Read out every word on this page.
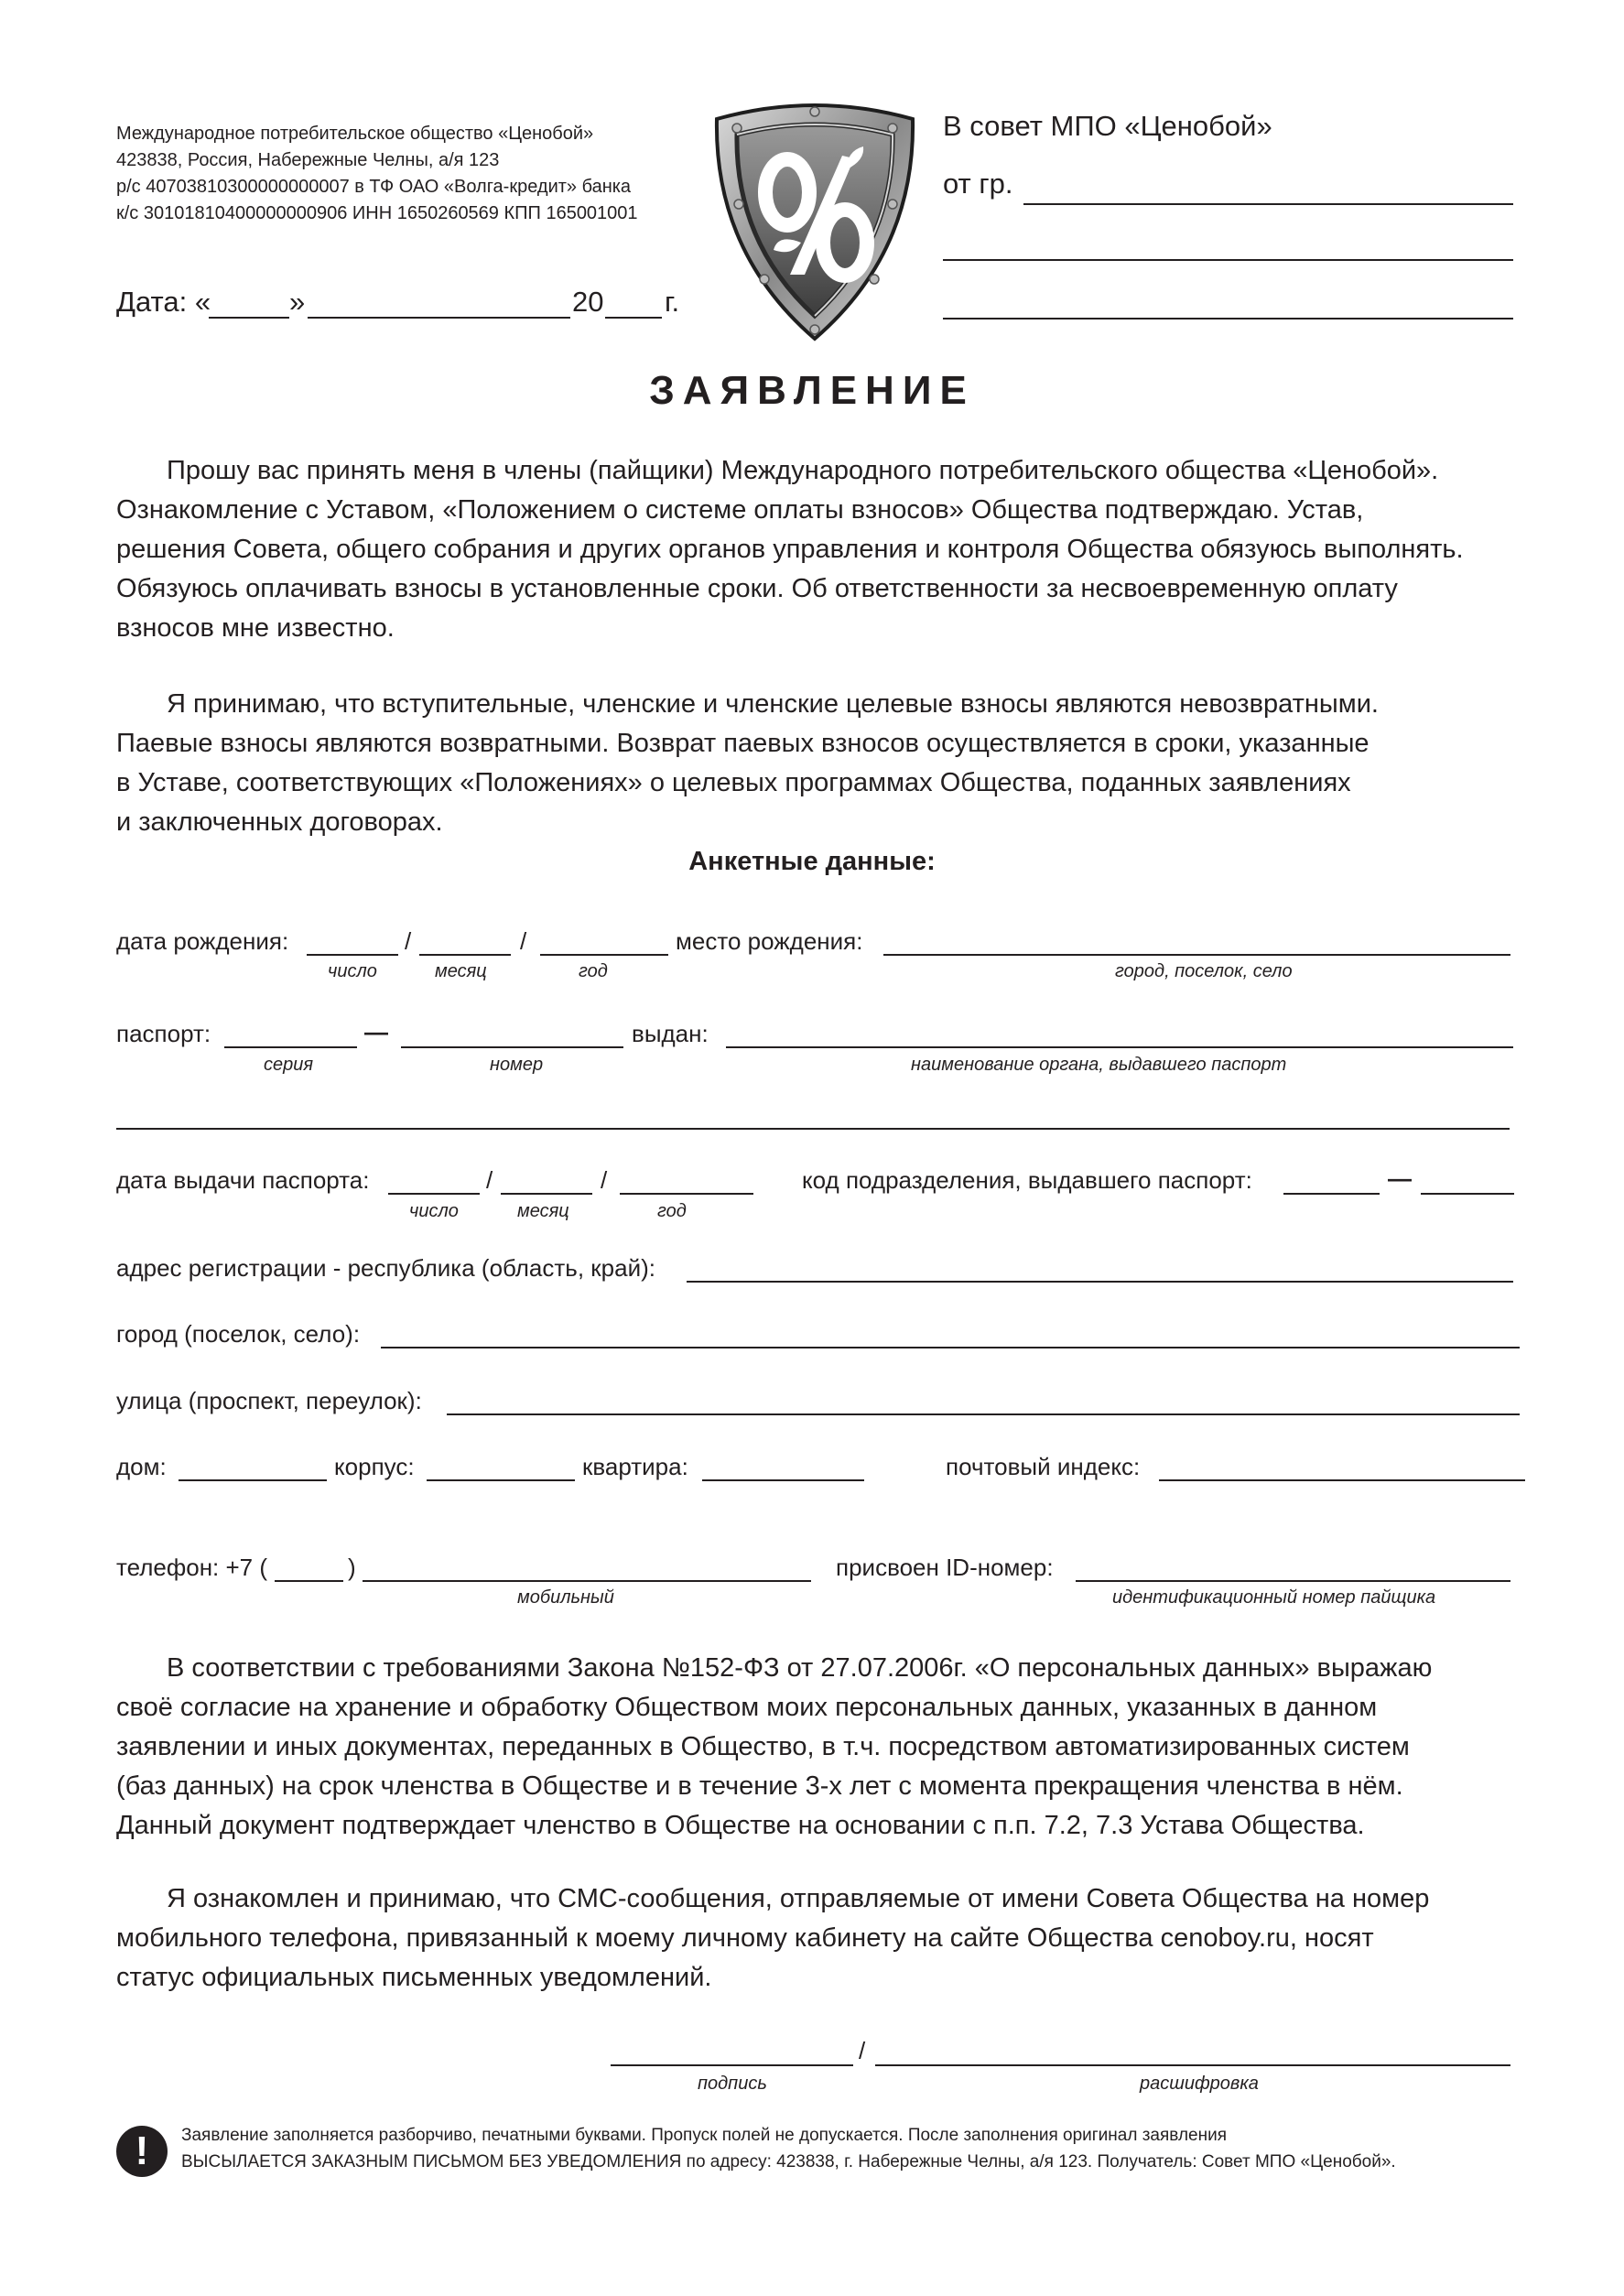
Международное потребительское общество «Ценобой»
423838, Россия, Набережные Челны, а/я 123
р/с 40703810300000000007 в ТФ ОАО «Волга-кредит» банка
к/с 30101810400000000906 ИНН 1650260569 КПП 165001001
Дата: «	»	20 г.
В совет МПО «Ценобой»
от гр.
ЗАЯВЛЕНИЕ

Прошу вас принять меня в члены (пайщики) Международного потребительского общества «Ценобой».

Ознакомление с Уставом, «Положением о системе оплаты взносов» Общества подтверждаю. Устав,

решения Совета, общего собрания и других органов управления и контроля Общества обязуюсь выполнять.

Обязуюсь оплачивать взносы в установленные сроки. Об ответственности за несвоевременную оплату

взносов мне известно.

Я принимаю, что вступительные, членские и членские целевые взносы являются невозвратными.

Паевые взносы являются возвратными. Возврат паевых взносов осуществляется в сроки, указанные

в Уставе, соответствующих «Положениях» о целевых программах Общества, поданных заявлениях

и заключенных договорах.

Анкетные данные:
дата рождения:	/	/	место рождения:
число	месяц	год	город, поселок, село
паспорт:	—	выдан:
серия	номер	наименование органа, выдавшего паспорт
дата выдачи паспорта:	/	/	код подразделения, выдавшего паспорт:	—
число	месяц	год
адрес регистрации - республика (область, край):
город (поселок, село):
улица (проспект, переулок):
дом:	корпус:	квартира:	почтовый индекс:
телефон: +7 (	)
мобильный
присвоен ID-номер:
идентификационный номер пайщика

В соответствии с требованиями Закона №152-ФЗ от 27.07.2006г. «О персональных данных» выражаю

своё согласие на хранение и обработку Обществом моих персональных данных, указанных в данном

заявлении и иных документах, переданных в Общество, в т.ч. посредством автоматизированных систем

(баз данных) на срок членства в Обществе и в течение 3-х лет с момента прекращения членства в нём.

Данный документ подтверждает членство в Обществе на основании с п.п. 7.2, 7.3 Устава Общества.

Я ознакомлен и принимаю, что СМС-сообщения, отправляемые от имени Совета Общества на номер

мобильного телефона, привязанный к моему личному кабинету на сайте Общества cenoboy.ru, носят

статус официальных письменных уведомлений.

/
подпись	расшифровка
!	Заявление заполняется разборчиво, печатными буквами. Пропуск полей не допускается. После заполнения оригинал заявления
ВЫСЫЛАЕТСЯ ЗАКАЗНЫМ ПИСЬМОМ БЕЗ УВЕДОМЛЕНИЯ по адресу: 423838, г. Набережные Челны, а/я 123. Получатель: Совет МПО «Ценобой».
